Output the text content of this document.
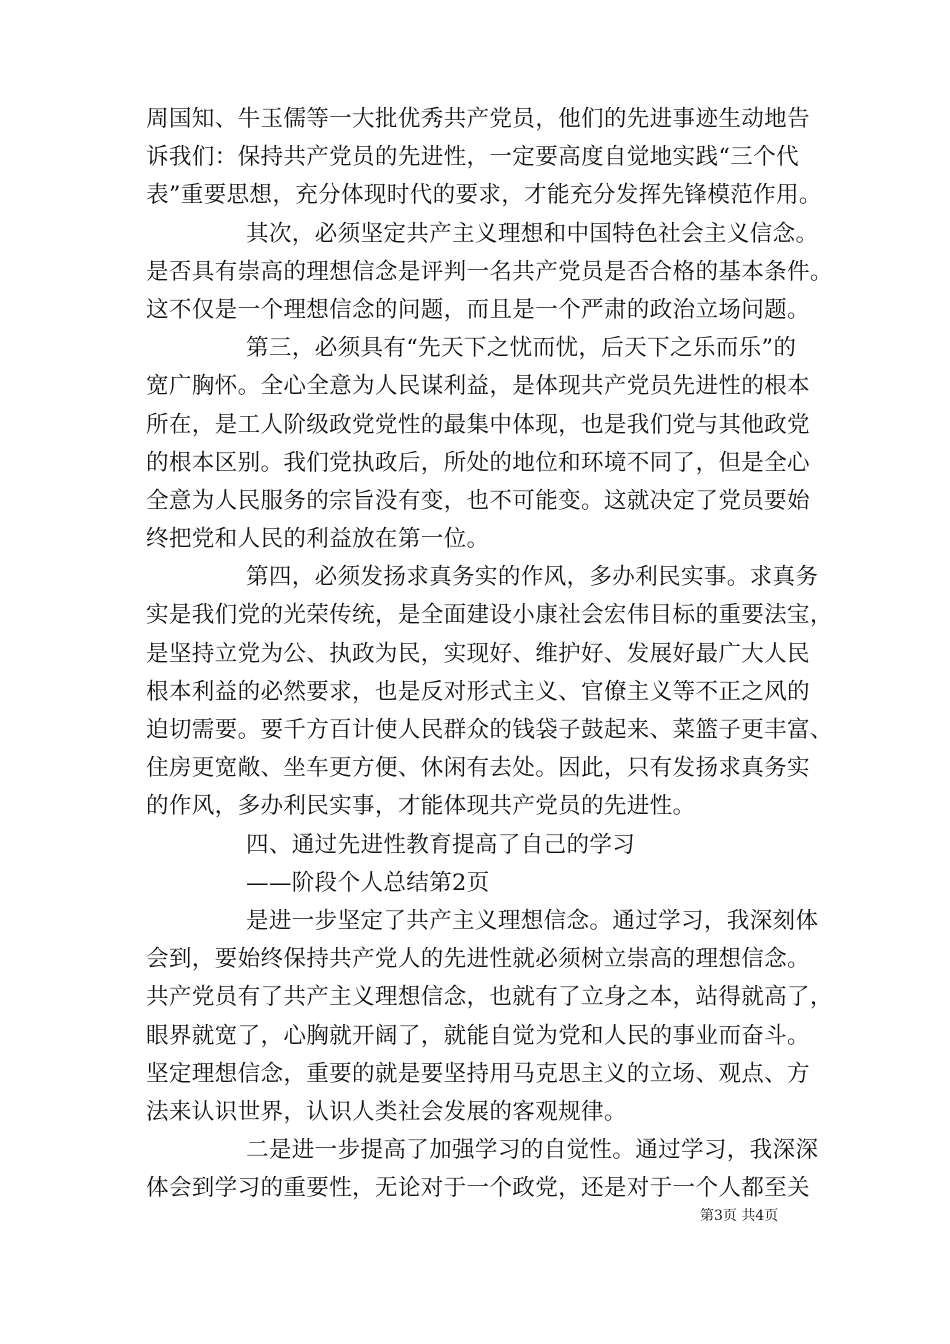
周国知、牛玉儒等一大批优秀共产党员，他们的先进事迹生动地告
诉我们：保持共产党员的先进性，一定要高度自觉地实践“三个代
表”重要思想，充分体现时代的要求，才能充分发挥先锋模范作用。
其次，必须坚定共产主义理想和中国特色社会主义信念。
是否具有崇高的理想信念是评判一名共产党员是否合格的基本条件。
这不仅是一个理想信念的问题，而且是一个严肃的政治立场问题。
第三，必须具有“先天下之忧而忧，后天下之乐而乐”的
宽广胸怀。全心全意为人民谋利益，是体现共产党员先进性的根本
所在，是工人阶级政党党性的最集中体现，也是我们党与其他政党
的根本区别。我们党执政后，所处的地位和环境不同了，但是全心
全意为人民服务的宗旨没有变，也不可能变。这就决定了党员要始
终把党和人民的利益放在第一位。
第四，必须发扬求真务实的作风，多办利民实事。求真务
实是我们党的光荣传统，是全面建设小康社会宏伟目标的重要法宝，
是坚持立党为公、执政为民，实现好、维护好、发展好最广大人民
根本利益的必然要求，也是反对形式主义、官僚主义等不正之风的
迫切需要。要千方百计使人民群众的钱袋子鼓起来、菜篮子更丰富、
住房更宽敞、坐车更方便、休闲有去处。因此，只有发扬求真务实
的作风，多办利民实事，才能体现共产党员的先进性。
四、通过先进性教育提高了自己的学习
——阶段个人总结第2页
是进一步坚定了共产主义理想信念。通过学习，我深刻体
会到，要始终保持共产党人的先进性就必须树立崇高的理想信念。
共产党员有了共产主义理想信念，也就有了立身之本，站得就高了，
眼界就宽了，心胸就开阔了，就能自觉为党和人民的事业而奋斗。
坚定理想信念，重要的就是要坚持用马克思主义的立场、观点、方
法来认识世界，认识人类社会发展的客观规律。
二是进一步提高了加强学习的自觉性。通过学习，我深深
体会到学习的重要性，无论对于一个政党，还是对于一个人都至关
第3页 共4页
